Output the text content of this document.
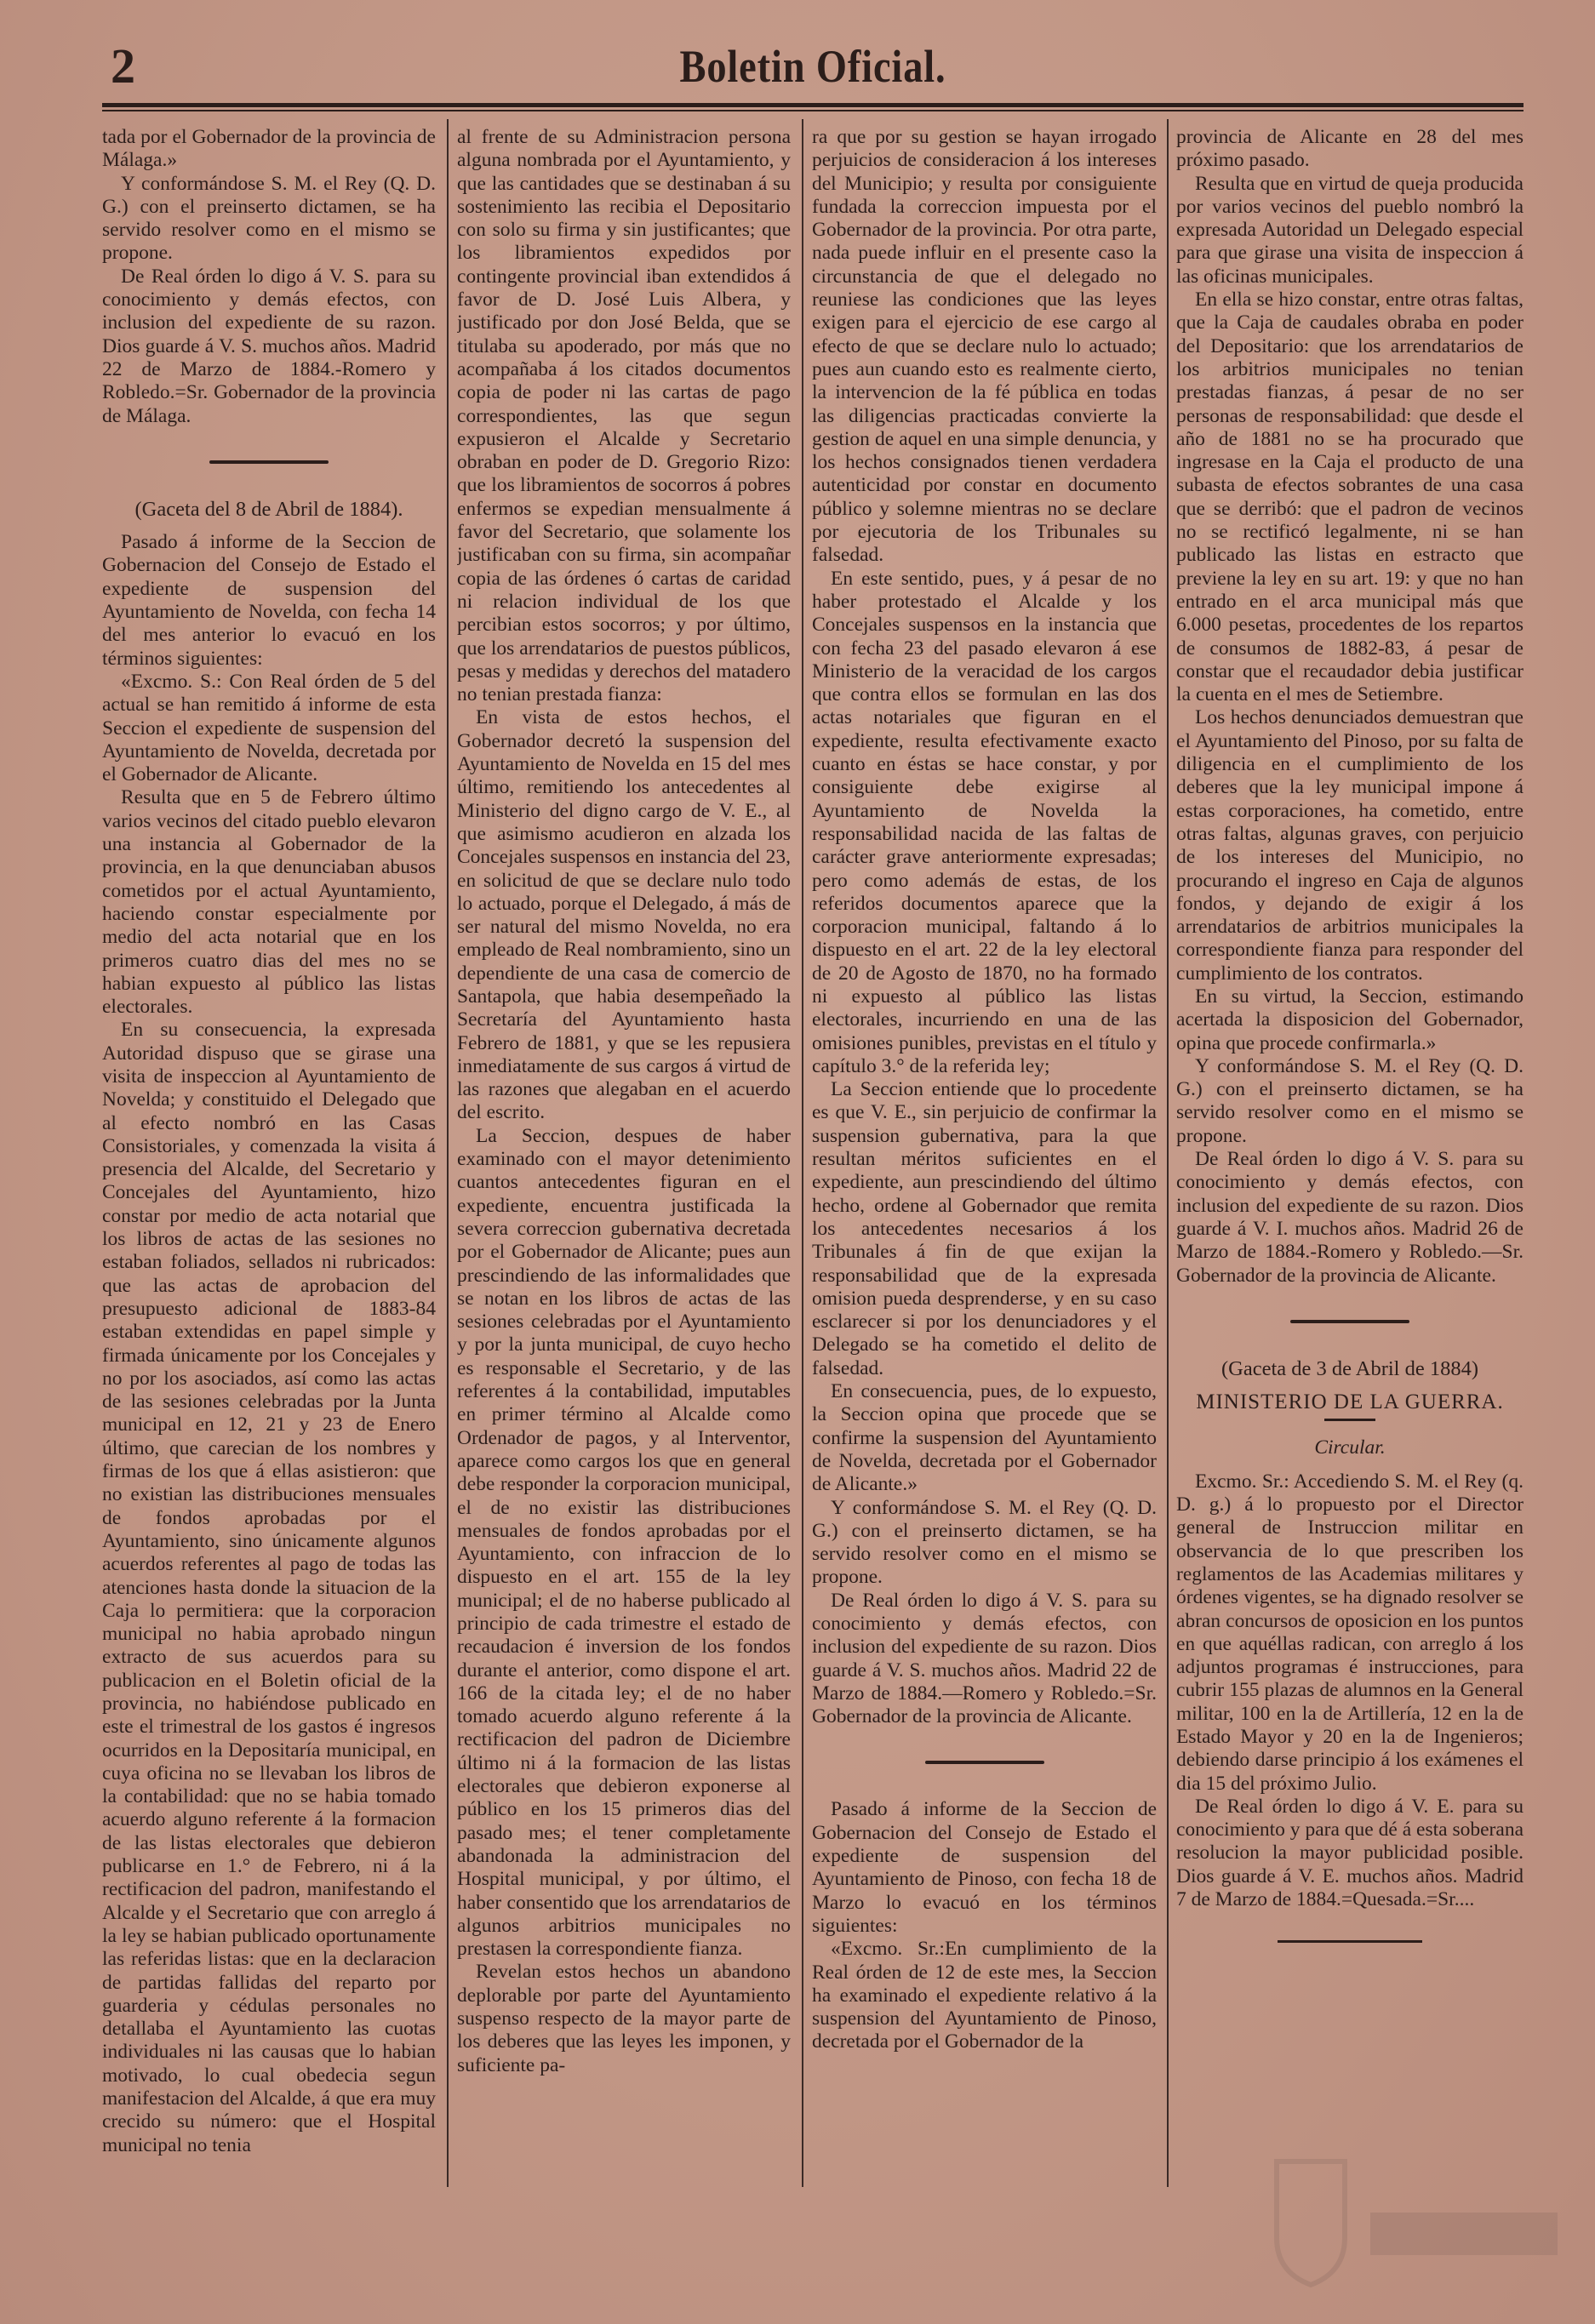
2	Boletin Oficial.

tada por el Gobernador de la provincia de Málaga.»

Y conformándose S. M. el Rey (Q. D. G.) con el preinserto dictamen, se ha servido resolver como en el mismo se propone.

De Real órden lo digo á V. S. para su conocimiento y demás efectos, con inclusion del expediente de su razon. Dios guarde á V. S. muchos años. Madrid 22 de Marzo de 1884.-Romero y Robledo.=Sr. Gobernador de la provincia de Málaga.

(Gaceta del 8 de Abril de 1884).

Pasado á informe de la Seccion de Gobernacion del Consejo de Estado el expediente de suspension del Ayuntamiento de Novelda, con fecha 14 del mes anterior lo evacuó en los términos siguientes:

«Excmo. S.: Con Real órden de 5 del actual se han remitido á informe de esta Seccion el expediente de suspension del Ayuntamiento de Novelda, decretada por el Gobernador de Alicante.

Resulta que en 5 de Febrero último varios vecinos del citado pueblo elevaron una instancia al Gobernador de la provincia, en la que denunciaban abusos cometidos por el actual Ayuntamiento, haciendo constar especialmente por medio del acta notarial que en los primeros cuatro dias del mes no se habian expuesto al público las listas electorales.

En su consecuencia, la expresada Autoridad dispuso que se girase una visita de inspeccion al Ayuntamiento de Novelda; y constituido el Delegado que al efecto nombró en las Casas Consistoriales, y comenzada la visita á presencia del Alcalde, del Secretario y Concejales del Ayuntamiento, hizo constar por medio de acta notarial que los libros de actas de las sesiones no estaban foliados, sellados ni rubricados: que las actas de aprobacion del presupuesto adicional de 1883-84 estaban extendidas en papel simple y firmada únicamente por los Concejales y no por los asociados, así como las actas de las sesiones celebradas por la Junta municipal en 12, 21 y 23 de Enero último, que carecian de los nombres y firmas de los que á ellas asistieron: que no existian las distribuciones mensuales de fondos aprobadas por el Ayuntamiento, sino únicamente algunos acuerdos referentes al pago de todas las atenciones hasta donde la situacion de la Caja lo permitiera: que la corporacion municipal no habia aprobado ningun extracto de sus acuerdos para su publicacion en el Boletin oficial de la provincia, no habiéndose publicado en este el trimestral de los gastos é ingresos ocurridos en la Depositaría municipal, en cuya oficina no se llevaban los libros de la contabilidad: que no se habia tomado acuerdo alguno referente á la formacion de las listas electorales que debieron publicarse en 1.° de Febrero, ni á la rectificacion del padron, manifestando el Alcalde y el Secretario que con arreglo á la ley se habian publicado oportunamente las referidas listas: que en la declaracion de partidas fallidas del reparto por guarderia y cédulas personales no detallaba el Ayuntamiento las cuotas individuales ni las causas que lo habian motivado, lo cual obedecia segun manifestacion del Alcalde, á que era muy crecido su número: que el Hospital municipal no tenia

al frente de su Administracion persona alguna nombrada por el Ayuntamiento, y que las cantidades que se destinaban á su sostenimiento las recibia el Depositario con solo su firma y sin justificantes; que los libramientos expedidos por contingente provincial iban extendidos á favor de D. José Luis Albera, y justificado por don José Belda, que se titulaba su apoderado, por más que no acompañaba á los citados documentos copia de poder ni las cartas de pago correspondientes, las que segun expusieron el Alcalde y Secretario obraban en poder de D. Gregorio Rizo: que los libramientos de socorros á pobres enfermos se expedian mensualmente á favor del Secretario, que solamente los justificaban con su firma, sin acompañar copia de las órdenes ó cartas de caridad ni relacion individual de los que percibian estos socorros; y por último, que los arrendatarios de puestos públicos, pesas y medidas y derechos del matadero no tenian prestada fianza:

En vista de estos hechos, el Gobernador decretó la suspension del Ayuntamiento de Novelda en 15 del mes último, remitiendo los antecedentes al Ministerio del digno cargo de V. E., al que asimismo acudieron en alzada los Concejales suspensos en instancia del 23, en solicitud de que se declare nulo todo lo actuado, porque el Delegado, á más de ser natural del mismo Novelda, no era empleado de Real nombramiento, sino un dependiente de una casa de comercio de Santapola, que habia desempeñado la Secretaría del Ayuntamiento hasta Febrero de 1881, y que se les repusiera inmediatamente de sus cargos á virtud de las razones que alegaban en el acuerdo del escrito.

La Seccion, despues de haber examinado con el mayor detenimiento cuantos antecedentes figuran en el expediente, encuentra justificada la severa correccion gubernativa decretada por el Gobernador de Alicante; pues aun prescindiendo de las informalidades que se notan en los libros de actas de las sesiones celebradas por el Ayuntamiento y por la junta municipal, de cuyo hecho es responsable el Secretario, y de las referentes á la contabilidad, imputables en primer término al Alcalde como Ordenador de pagos, y al Interventor, aparece como cargos los que en general debe responder la corporacion municipal, el de no existir las distribuciones mensuales de fondos aprobadas por el Ayuntamiento, con infraccion de lo dispuesto en el art. 155 de la ley municipal; el de no haberse publicado al principio de cada trimestre el estado de recaudacion é inversion de los fondos durante el anterior, como dispone el art. 166 de la citada ley; el de no haber tomado acuerdo alguno referente á la rectificacion del padron de Diciembre último ni á la formacion de las listas electorales que debieron exponerse al público en los 15 primeros dias del pasado mes; el tener completamente abandonada la administracion del Hospital municipal, y por último, el haber consentido que los arrendatarios de algunos arbitrios municipales no prestasen la correspondiente fianza.

Revelan estos hechos un abandono deplorable por parte del Ayuntamiento suspenso respecto de la mayor parte de los deberes que las leyes les imponen, y suficiente pa-

ra que por su gestion se hayan irrogado perjuicios de consideracion á los intereses del Municipio; y resulta por consiguiente fundada la correccion impuesta por el Gobernador de la provincia. Por otra parte, nada puede influir en el presente caso la circunstancia de que el delegado no reuniese las condiciones que las leyes exigen para el ejercicio de ese cargo al efecto de que se declare nulo lo actuado; pues aun cuando esto es realmente cierto, la intervencion de la fé pública en todas las diligencias practicadas convierte la gestion de aquel en una simple denuncia, y los hechos consignados tienen verdadera autenticidad por constar en documento público y solemne mientras no se declare por ejecutoria de los Tribunales su falsedad.

En este sentido, pues, y á pesar de no haber protestado el Alcalde y los Concejales suspensos en la instancia que con fecha 23 del pasado elevaron á ese Ministerio de la veracidad de los cargos que contra ellos se formulan en las dos actas notariales que figuran en el expediente, resulta efectivamente exacto cuanto en éstas se hace constar, y por consiguiente debe exigirse al Ayuntamiento de Novelda la responsabilidad nacida de las faltas de carácter grave anteriormente expresadas; pero como además de estas, de los referidos documentos aparece que la corporacion municipal, faltando á lo dispuesto en el art. 22 de la ley electoral de 20 de Agosto de 1870, no ha formado ni expuesto al público las listas electorales, incurriendo en una de las omisiones punibles, previstas en el título y capítulo 3.° de la referida ley;

La Seccion entiende que lo procedente es que V. E., sin perjuicio de confirmar la suspension gubernativa, para la que resultan méritos suficientes en el expediente, aun prescindiendo del último hecho, ordene al Gobernador que remita los antecedentes necesarios á los Tribunales á fin de que exijan la responsabilidad que de la expresada omision pueda desprenderse, y en su caso esclarecer si por los denunciadores y el Delegado se ha cometido el delito de falsedad.

En consecuencia, pues, de lo expuesto, la Seccion opina que procede que se confirme la suspension del Ayuntamiento de Novelda, decretada por el Gobernador de Alicante.»

Y conformándose S. M. el Rey (Q. D. G.) con el preinserto dictamen, se ha servido resolver como en el mismo se propone.

De Real órden lo digo á V. S. para su conocimiento y demás efectos, con inclusion del expediente de su razon. Dios guarde á V. S. muchos años. Madrid 22 de Marzo de 1884.—Romero y Robledo.=Sr. Gobernador de la provincia de Alicante.

Pasado á informe de la Seccion de Gobernacion del Consejo de Estado el expediente de suspension del Ayuntamiento de Pinoso, con fecha 18 de Marzo lo evacuó en los términos siguientes:

«Excmo. Sr.:En cumplimiento de la Real órden de 12 de este mes, la Seccion ha examinado el expediente relativo á la suspension del Ayuntamiento de Pinoso, decretada por el Gobernador de la

provincia de Alicante en 28 del mes próximo pasado.

Resulta que en virtud de queja producida por varios vecinos del pueblo nombró la expresada Autoridad un Delegado especial para que girase una visita de inspeccion á las oficinas municipales.

En ella se hizo constar, entre otras faltas, que la Caja de caudales obraba en poder del Depositario: que los arrendatarios de los arbitrios municipales no tenian prestadas fianzas, á pesar de no ser personas de responsabilidad: que desde el año de 1881 no se ha procurado que ingresase en la Caja el producto de una subasta de efectos sobrantes de una casa que se derribó: que el padron de vecinos no se rectificó legalmente, ni se han publicado las listas en estracto que previene la ley en su art. 19: y que no han entrado en el arca municipal más que 6.000 pesetas, procedentes de los repartos de consumos de 1882-83, á pesar de constar que el recaudador debia justificar la cuenta en el mes de Setiembre.

Los hechos denunciados demuestran que el Ayuntamiento del Pinoso, por su falta de diligencia en el cumplimiento de los deberes que la ley municipal impone á estas corporaciones, ha cometido, entre otras faltas, algunas graves, con perjuicio de los intereses del Municipio, no procurando el ingreso en Caja de algunos fondos, y dejando de exigir á los arrendatarios de arbitrios municipales la correspondiente fianza para responder del cumplimiento de los contratos.

En su virtud, la Seccion, estimando acertada la disposicion del Gobernador, opina que procede confirmarla.»

Y conformándose S. M. el Rey (Q. D. G.) con el preinserto dictamen, se ha servido resolver como en el mismo se propone.

De Real órden lo digo á V. S. para su conocimiento y demás efectos, con inclusion del expediente de su razon. Dios guarde á V. I. muchos años. Madrid 26 de Marzo de 1884.-Romero y Robledo.—Sr. Gobernador de la provincia de Alicante.

(Gaceta de 3 de Abril de 1884)

MINISTERIO DE LA GUERRA.

Circular.

Excmo. Sr.: Accediendo S. M. el Rey (q. D. g.) á lo propuesto por el Director general de Instruccion militar en observancia de lo que prescriben los reglamentos de las Academias militares y órdenes vigentes, se ha dignado resolver se abran concursos de oposicion en los puntos en que aquéllas radican, con arreglo á los adjuntos programas é instrucciones, para cubrir 155 plazas de alumnos en la General militar, 100 en la de Artillería, 12 en la de Estado Mayor y 20 en la de Ingenieros; debiendo darse principio á los exámenes el dia 15 del próximo Julio.

De Real órden lo digo á V. E. para su conocimiento y para que dé á esta soberana resolucion la mayor publicidad posible. Dios guarde á V. E. muchos años. Madrid 7 de Marzo de 1884.=Quesada.=Sr....
